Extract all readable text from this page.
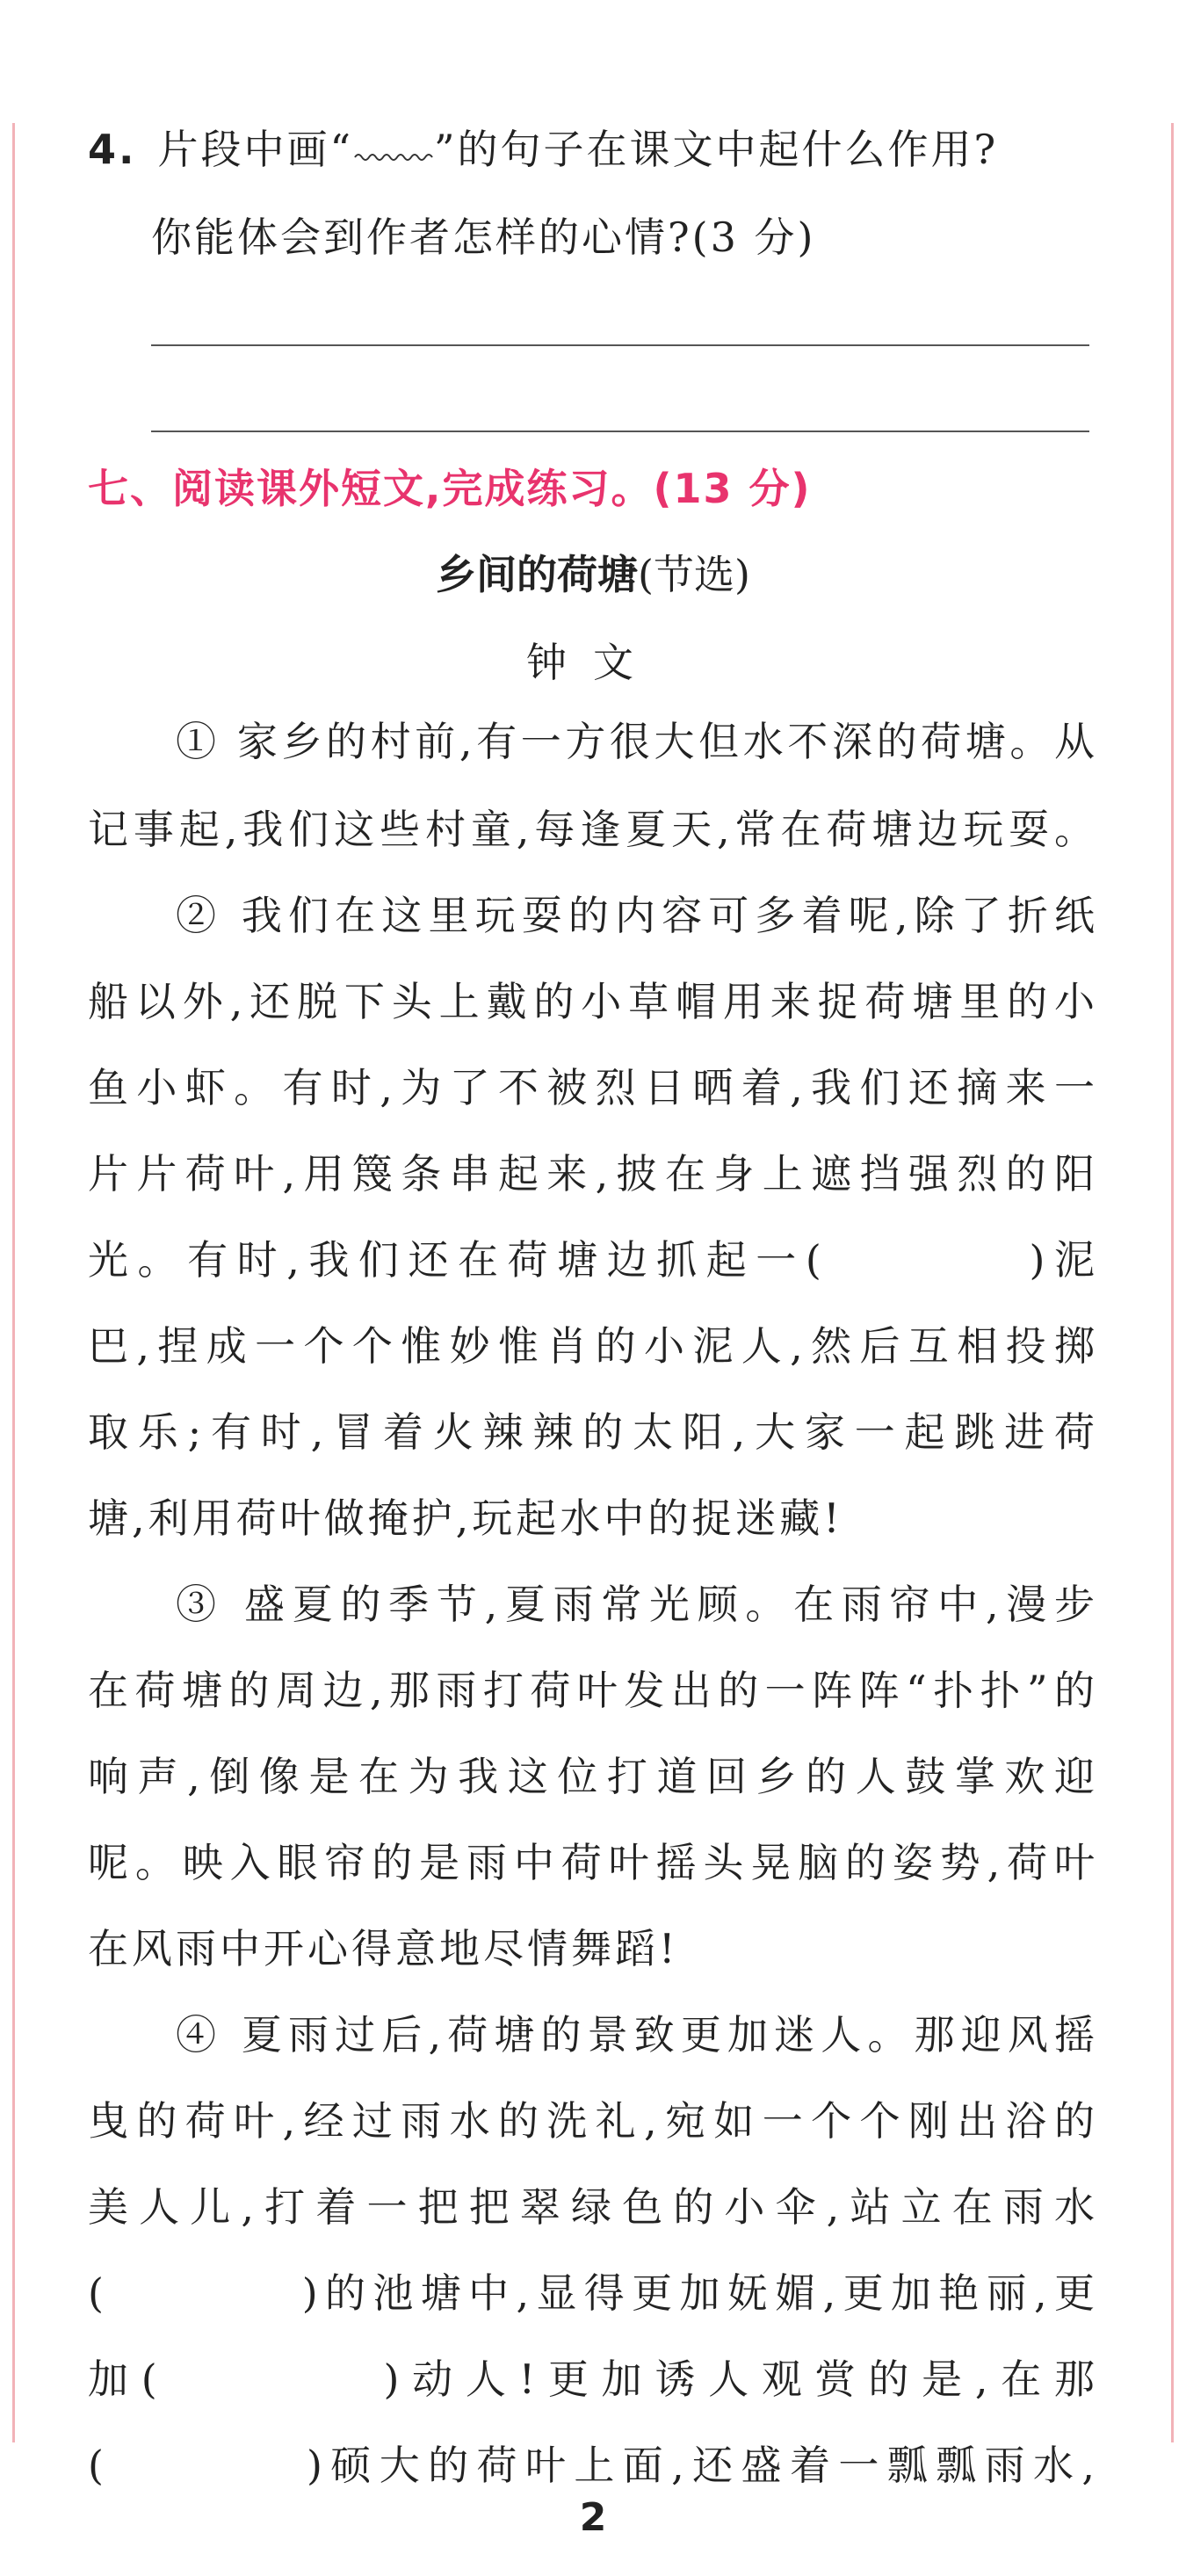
4. 片段中画“ ”的句子在课文中起什么作用?
你能体会到作者怎样的心情?(3 分)
七、阅读课外短文,完成练习。(13 分)
乡间的荷塘(节选)
钟文
① 家乡的村前,有一方很大但水不深的荷塘。从
记事起,我们这些村童,每逢夏天,常在荷塘边玩耍。
② 我们在这里玩耍的内容可多着呢,除了折纸
船以外,还脱下头上戴的小草帽用来捉荷塘里的小
鱼小虾。有时,为了不被烈日晒着,我们还摘来一
片片荷叶,用篾条串起来,披在身上遮挡强烈的阳
光。有时,我们还在荷塘边抓起一(　　　　)泥
巴,捏成一个个惟妙惟肖的小泥人,然后互相投掷
取乐;有时,冒着火辣辣的太阳,大家一起跳进荷
塘,利用荷叶做掩护,玩起水中的捉迷藏!
③ 盛夏的季节,夏雨常光顾。在雨帘中,漫步
在荷塘的周边,那雨打荷叶发出的一阵阵“扑扑”的
响声,倒像是在为我这位打道回乡的人鼓掌欢迎
呢。映入眼帘的是雨中荷叶摇头晃脑的姿势,荷叶
在风雨中开心得意地尽情舞蹈!
④ 夏雨过后,荷塘的景致更加迷人。那迎风摇
曳的荷叶,经过雨水的洗礼,宛如一个个刚出浴的
美人儿,打着一把把翠绿色的小伞,站立在雨水
(　　　　)的池塘中,显得更加妩媚,更加艳丽,更
加(　　　　)动人!更加诱人观赏的是,在那
(　　　　)硕大的荷叶上面,还盛着一瓢瓢雨水,
2
